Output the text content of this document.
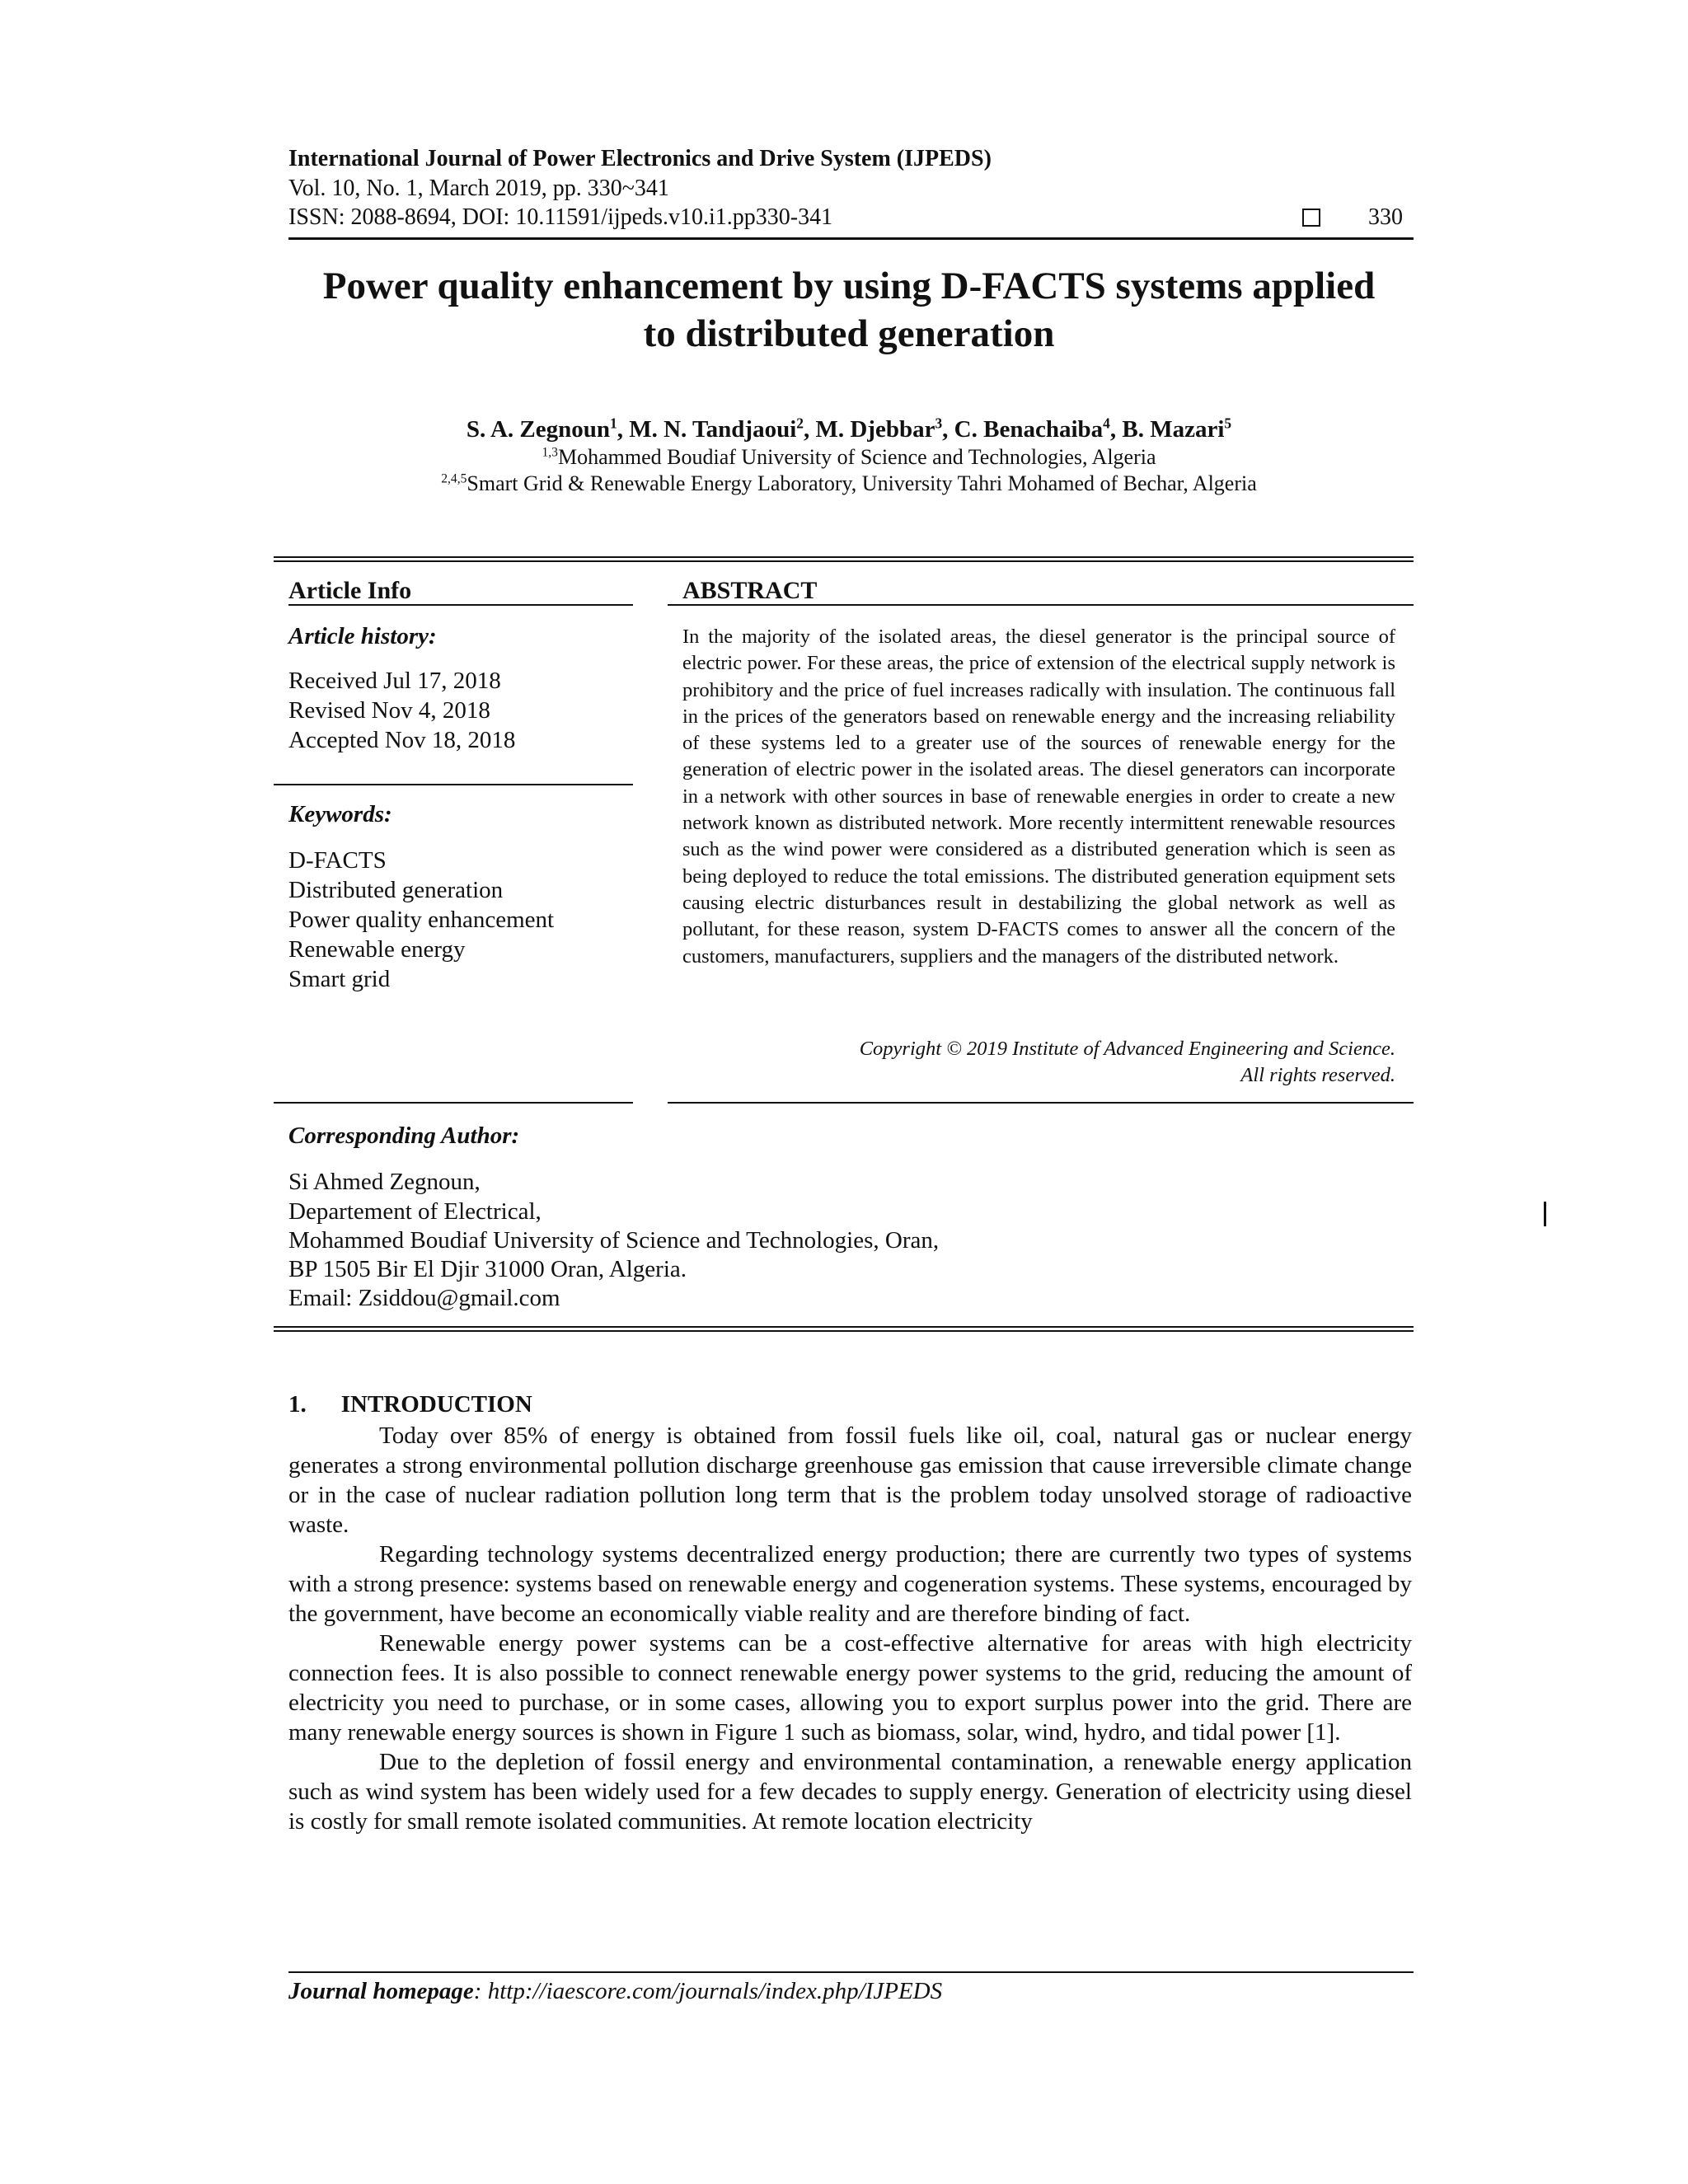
International Journal of Power Electronics and Drive System (IJPEDS)
Vol. 10, No. 1, March 2019, pp. 330~341
ISSN: 2088-8694, DOI: 10.11591/ijpeds.v10.i1.pp330-341	330
Power quality enhancement by using D-FACTS systems applied
to distributed generation
S. A. Zegnoun$^1$, M. N. Tandjaoui$^2$, M. Djebbar$^3$, C. Benachaiba$^4$, B. Mazari$^5$
$^{1,3}$Mohammed Boudiaf University of Science and Technologies, Algeria
$^{2,4,5}$Smart Grid & Renewable Energy Laboratory, University Tahri Mohamed of Bechar, Algeria
Article Info
Article history:
Received Jul 17, 2018
Revised Nov 4, 2018
Accepted Nov 18, 2018
Keywords:
D-FACTS
Distributed generation
Power quality enhancement
Renewable energy
Smart grid
ABSTRACT
In the majority of the isolated areas, the diesel generator is the principal source of electric power. For these areas, the price of extension of the electrical supply network is prohibitory and the price of fuel increases radically with insulation. The continuous fall in the prices of the generators based on renewable energy and the increasing reliability of these systems led to a greater use of the sources of renewable energy for the generation of electric power in the isolated areas. The diesel generators can incorporate in a network with other sources in base of renewable energies in order to create a new network known as distributed network. More recently intermittent renewable resources such as the wind power were considered as a distributed generation which is seen as being deployed to reduce the total emissions. The distributed generation equipment sets causing electric disturbances result in destabilizing the global network as well as pollutant, for these reason, system D-FACTS comes to answer all the concern of the customers, manufacturers, suppliers and the managers of the distributed network.
Copyright © 2019 Institute of Advanced Engineering and Science.
All rights reserved.
Corresponding Author:
Si Ahmed Zegnoun,
Departement of Electrical,
Mohammed Boudiaf University of Science and Technologies, Oran,
BP 1505 Bir El Djir 31000 Oran, Algeria.
Email: Zsiddou@gmail.com
1. INTRODUCTION

Today over 85% of energy is obtained from fossil fuels like oil, coal, natural gas or nuclear energy generates a strong environmental pollution discharge greenhouse gas emission that cause irreversible climate change or in the case of nuclear radiation pollution long term that is the problem today unsolved storage of radioactive waste.

Regarding technology systems decentralized energy production; there are currently two types of systems with a strong presence: systems based on renewable energy and cogeneration systems. These systems, encouraged by the government, have become an economically viable reality and are therefore binding of fact.

Renewable energy power systems can be a cost-effective alternative for areas with high electricity connection fees. It is also possible to connect renewable energy power systems to the grid, reducing the amount of electricity you need to purchase, or in some cases, allowing you to export surplus power into the grid. There are many renewable energy sources is shown in Figure 1 such as biomass, solar, wind, hydro, and tidal power [1].

Due to the depletion of fossil energy and environmental contamination, a renewable energy application such as wind system has been widely used for a few decades to supply energy. Generation of electricity using diesel is costly for small remote isolated communities. At remote location electricity

Journal homepage: http://iaescore.com/journals/index.php/IJPEDS
